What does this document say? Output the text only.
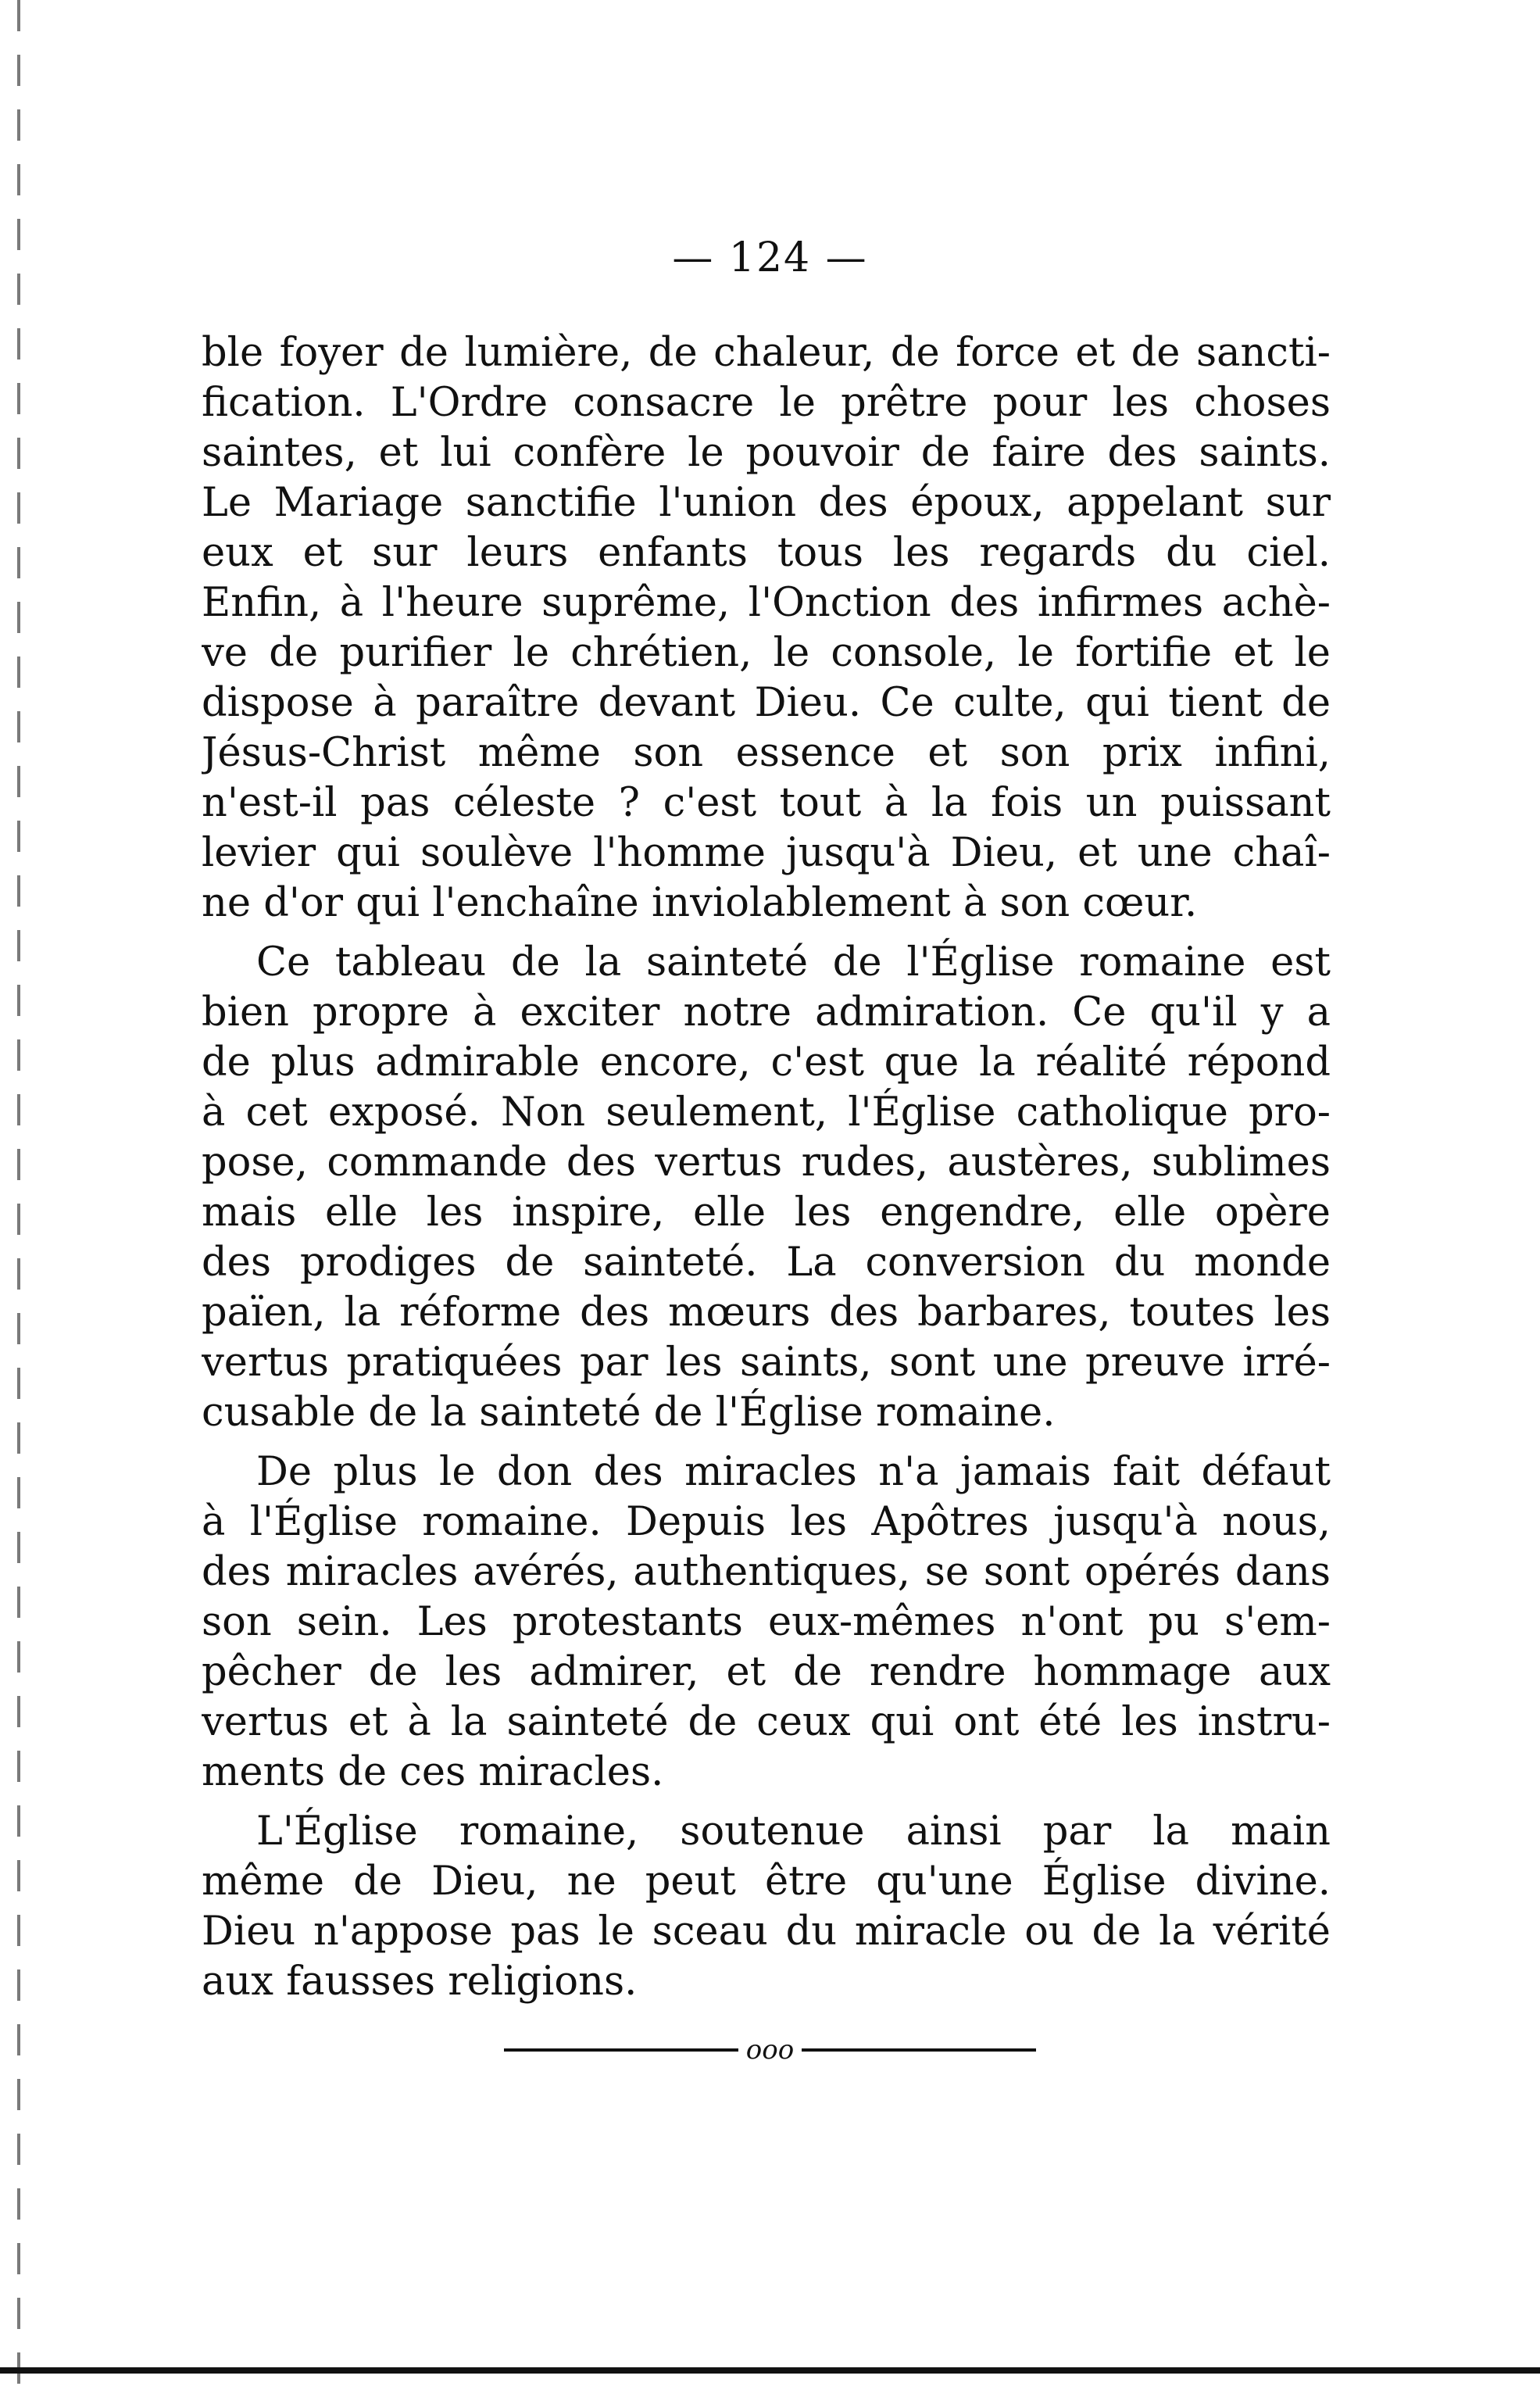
— 124 —
ble foyer de lumière, de chaleur, de force et de sancti-
fication. L'Ordre consacre le prêtre pour les choses
saintes, et lui confère le pouvoir de faire des saints.
Le Mariage sanctifie l'union des époux, appelant sur
eux et sur leurs enfants tous les regards du ciel.
Enfin, à l'heure suprême, l'Onction des infirmes achè-
ve de purifier le chrétien, le console, le fortifie et le
dispose à paraître devant Dieu. Ce culte, qui tient de
Jésus-Christ même son essence et son prix infini,
n'est-il pas céleste ? c'est tout à la fois un puissant
levier qui soulève l'homme jusqu'à Dieu, et une chaî-
ne d'or qui l'enchaîne inviolablement à son cœur.
Ce tableau de la sainteté de l'Église romaine est
bien propre à exciter notre admiration. Ce qu'il y a
de plus admirable encore, c'est que la réalité répond
à cet exposé. Non seulement, l'Église catholique pro-
pose, commande des vertus rudes, austères, sublimes
mais elle les inspire, elle les engendre, elle opère
des prodiges de sainteté. La conversion du monde
païen, la réforme des mœurs des barbares, toutes les
vertus pratiquées par les saints, sont une preuve irré-
cusable de la sainteté de l'Église romaine.
De plus le don des miracles n'a jamais fait défaut
à l'Église romaine. Depuis les Apôtres jusqu'à nous,
des miracles avérés, authentiques, se sont opérés dans
son sein. Les protestants eux-mêmes n'ont pu s'em-
pêcher de les admirer, et de rendre hommage aux
vertus et à la sainteté de ceux qui ont été les instru-
ments de ces miracles.
L'Église romaine, soutenue ainsi par la main
même de Dieu, ne peut être qu'une Église divine.
Dieu n'appose pas le sceau du miracle ou de la vérité
aux fausses religions.
ooo
